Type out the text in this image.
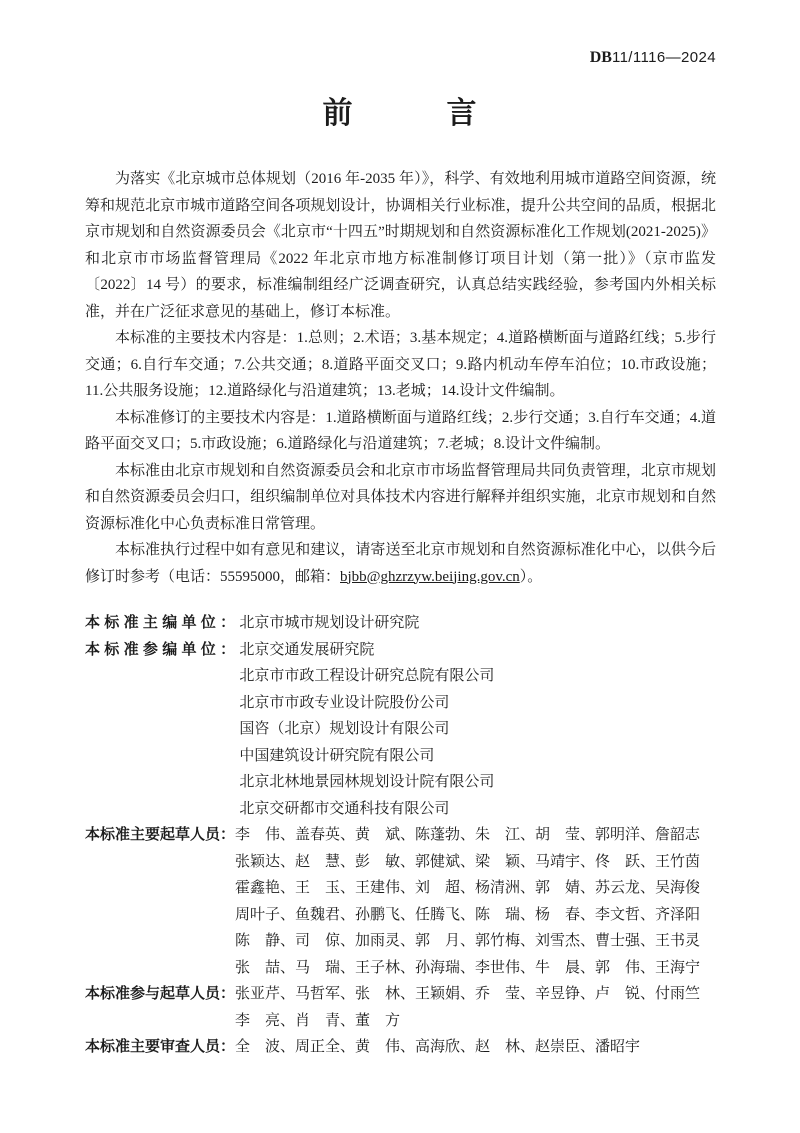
DB11/1116—2024
前　　　言

为落实《北京城市总体规划（2016 年-2035 年）》，科学、有效地利用城市道路空间资源，统筹和规范北京市城市道路空间各项规划设计，协调相关行业标准，提升公共空间的品质，根据北京市规划和自然资源委员会《北京市“十四五”时期规划和自然资源标准化工作规划(2021-2025)》和北京市市场监督管理局《2022 年北京市地方标准制修订项目计划（第一批）》（京市监发〔2022〕14 号）的要求，标准编制组经广泛调查研究，认真总结实践经验，参考国内外相关标准，并在广泛征求意见的基础上，修订本标准。

本标准的主要技术内容是：1.总则；2.术语；3.基本规定；4.道路横断面与道路红线；5.步行交通；6.自行车交通；7.公共交通；8.道路平面交叉口；9.路内机动车停车泊位；10.市政设施；11.公共服务设施；12.道路绿化与沿道建筑；13.老城；14.设计文件编制。

本标准修订的主要技术内容是：1.道路横断面与道路红线；2.步行交通；3.自行车交通；4.道路平面交叉口；5.市政设施；6.道路绿化与沿道建筑；7.老城；8.设计文件编制。

本标准由北京市规划和自然资源委员会和北京市市场监督管理局共同负责管理，北京市规划和自然资源委员会归口，组织编制单位对具体技术内容进行解释并组织实施，北京市规划和自然资源标准化中心负责标准日常管理。

本标准执行过程中如有意见和建议，请寄送至北京市规划和自然资源标准化中心，以供今后修订时参考（电话：55595000，邮箱：bjbb@ghzrzyw.beijing.gov.cn）。

本标准主编单位： 北京市城市规划设计研究院
本标准参编单位： 北京交通发展研究院
北京市市政工程设计研究总院有限公司
北京市市政专业设计院股份公司
国咨（北京）规划设计有限公司
中国建筑设计研究院有限公司
北京北林地景园林规划设计院有限公司
北京交研都市交通科技有限公司
本标准主要起草人员： 李　伟、盖春英、黄　斌、陈蓬勃、朱　江、胡　莹、郭明洋、詹韶志
张颖达、赵　慧、彭　敏、郭健斌、梁　颖、马靖宇、佟　跃、王竹茵
霍鑫艳、王　玉、王建伟、刘　超、杨清洲、郭　婧、苏云龙、吴海俊
周叶子、鱼魏君、孙鹏飞、任腾飞、陈　瑞、杨　春、李文哲、齐泽阳
陈　静、司　倞、加雨灵、郭　月、郭竹梅、刘雪杰、曹士强、王书灵
张　喆、马　瑞、王子林、孙海瑞、李世伟、牛　晨、郭　伟、王海宁
本标准参与起草人员： 张亚芹、马哲军、张　林、王颖娟、乔　莹、辛昱铮、卢　锐、付雨竺
李　亮、肖　青、董　方
本标准主要审查人员： 全　波、周正全、黄　伟、高海欣、赵　林、赵崇臣、潘昭宇
